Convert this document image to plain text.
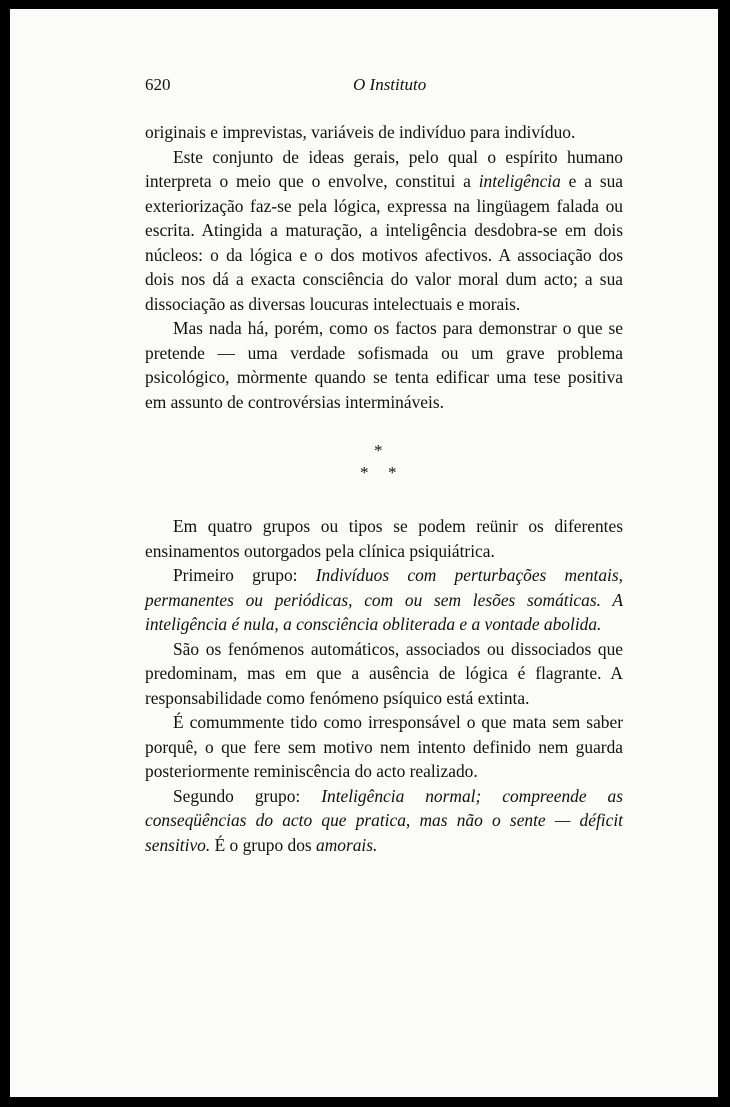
620	O Instituto

originais e imprevistas, variáveis de indivíduo para indivíduo.

Este conjunto de ideas gerais, pelo qual o espírito humano interpreta o meio que o envolve, constitui a inteligência e a sua exteriorização faz-se pela lógica, expressa na lingüagem falada ou escrita. Atingida a maturação, a inteligência desdobra-se em dois núcleos: o da lógica e o dos motivos afectivos. A associação dos dois nos dá a exacta consciência do valor moral dum acto; a sua dissociação as diversas loucuras intelectuais e morais.

Mas nada há, porém, como os factos para demonstrar o que se pretende — uma verdade sofismada ou um grave problema psicológico, mòrmente quando se tenta edificar uma tese positiva em assunto de controvérsias intermináveis.

*
* *

Em quatro grupos ou tipos se podem reünir os diferentes ensinamentos outorgados pela clínica psiquiátrica.

Primeiro grupo: Indivíduos com perturbações mentais, permanentes ou periódicas, com ou sem lesões somáticas. A inteligência é nula, a consciência obliterada e a vontade abolida.

São os fenómenos automáticos, associados ou dissociados que predominam, mas em que a ausência de lógica é flagrante. A responsabilidade como fenómeno psíquico está extinta.

É comummente tido como irresponsável o que mata sem saber porquê, o que fere sem motivo nem intento definido nem guarda posteriormente reminiscência do acto realizado.

Segundo grupo: Inteligência normal; compreende as conseqüências do acto que pratica, mas não o sente — déficit sensitivo. É o grupo dos amorais.
